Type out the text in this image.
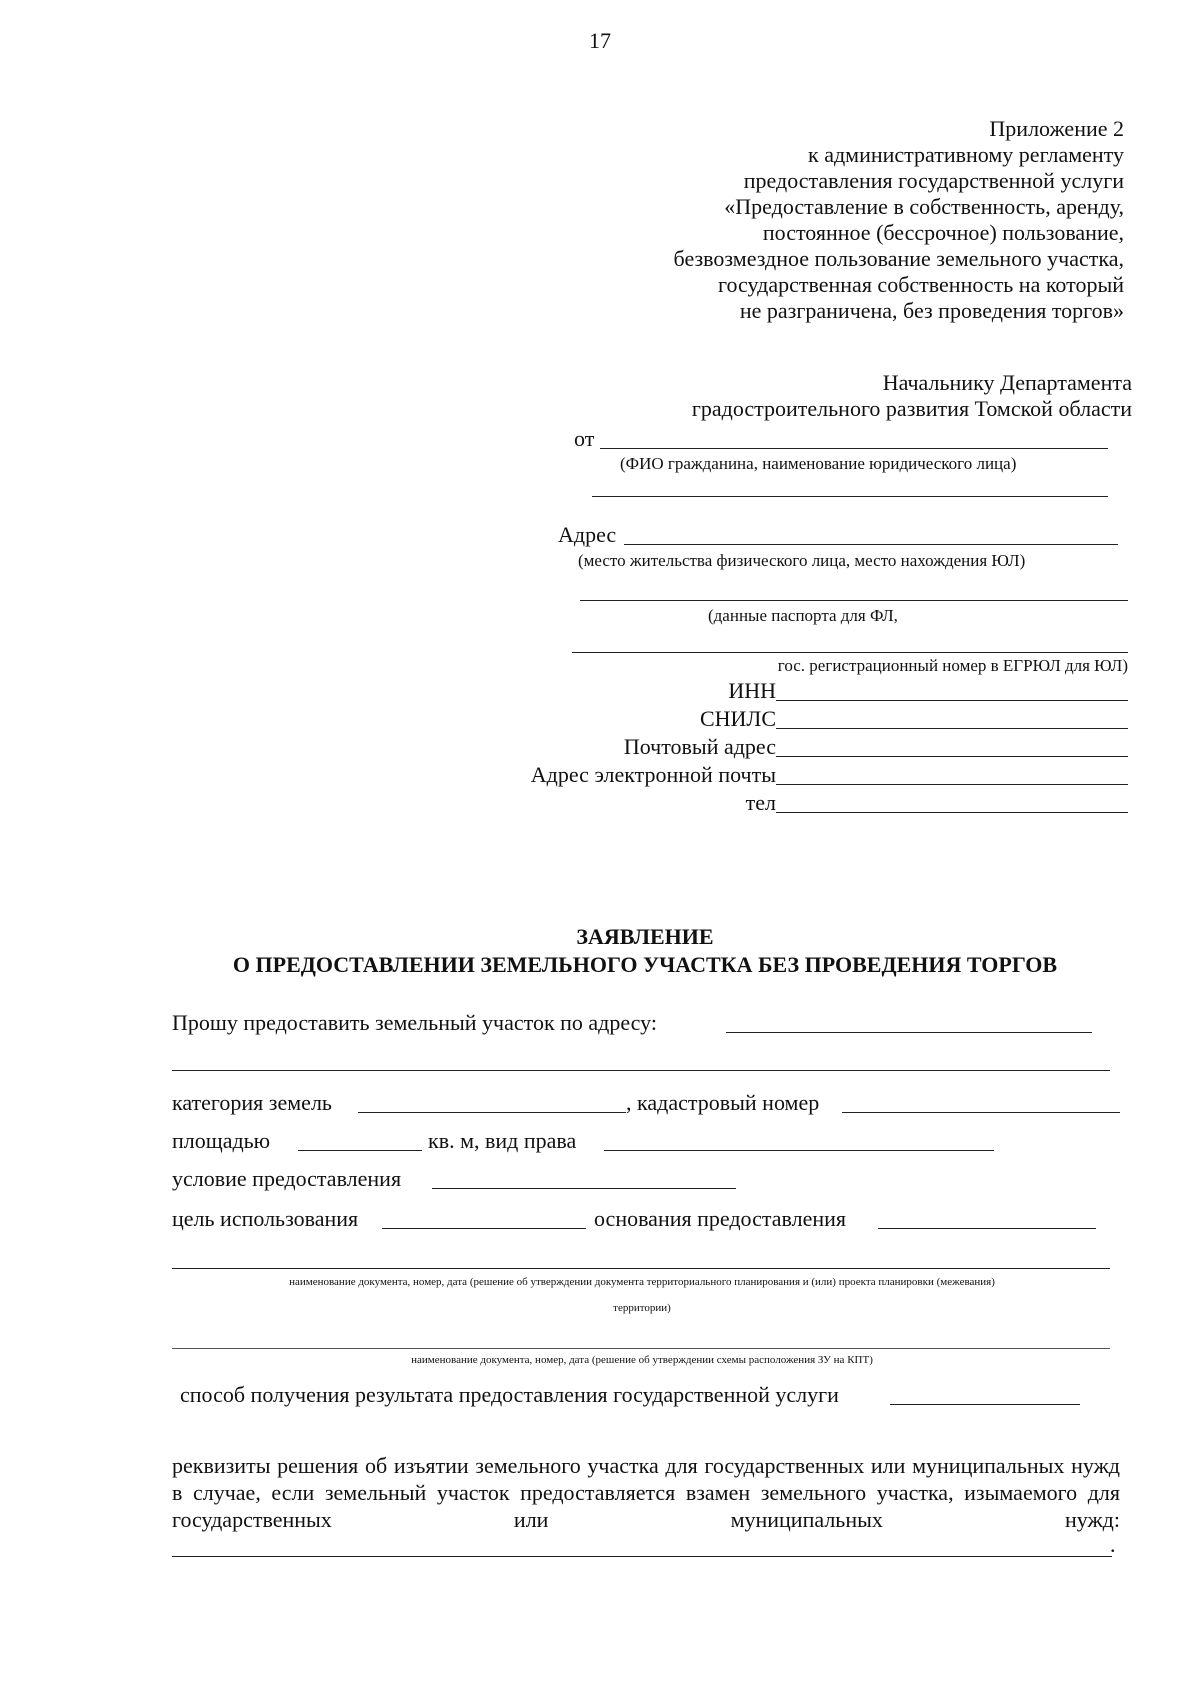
17
Приложение 2
к административному регламенту
предоставления государственной услуги
«Предоставление в собственность, аренду,
постоянное (бессрочное) пользование,
безвозмездное пользование земельного участка,
государственная собственность на который
не разграничена, без проведения торгов»
Начальнику Департамента
градостроительного развития Томской области
от
(ФИО гражданина, наименование юридического лица)
Адрес
(место жительства физического лица, место нахождения ЮЛ)
(данные паспорта для ФЛ,
гос. регистрационный номер в ЕГРЮЛ для ЮЛ)
ИНН
СНИЛС
Почтовый адрес
Адрес электронной почты
тел
ЗАЯВЛЕНИЕ
О ПРЕДОСТАВЛЕНИИ ЗЕМЕЛЬНОГО УЧАСТКА БЕЗ ПРОВЕДЕНИЯ ТОРГОВ
Прошу предоставить земельный участок по адресу:
категория земель	, кадастровый номер
площадью	кв. м, вид права
условие предоставления
цель использования	основания предоставления
наименование документа, номер, дата (решение об утверждении документа территориального планирования и (или) проекта планировки (межевания)
территории)
наименование документа, номер, дата (решение об утверждении схемы расположения ЗУ на КПТ)
способ получения результата предоставления государственной услуги
реквизиты решения об изъятии земельного участка для государственных или муниципальных нужд в случае, если земельный участок предоставляется взамен земельного участка, изымаемого для государственных или муниципальных нужд:
.
